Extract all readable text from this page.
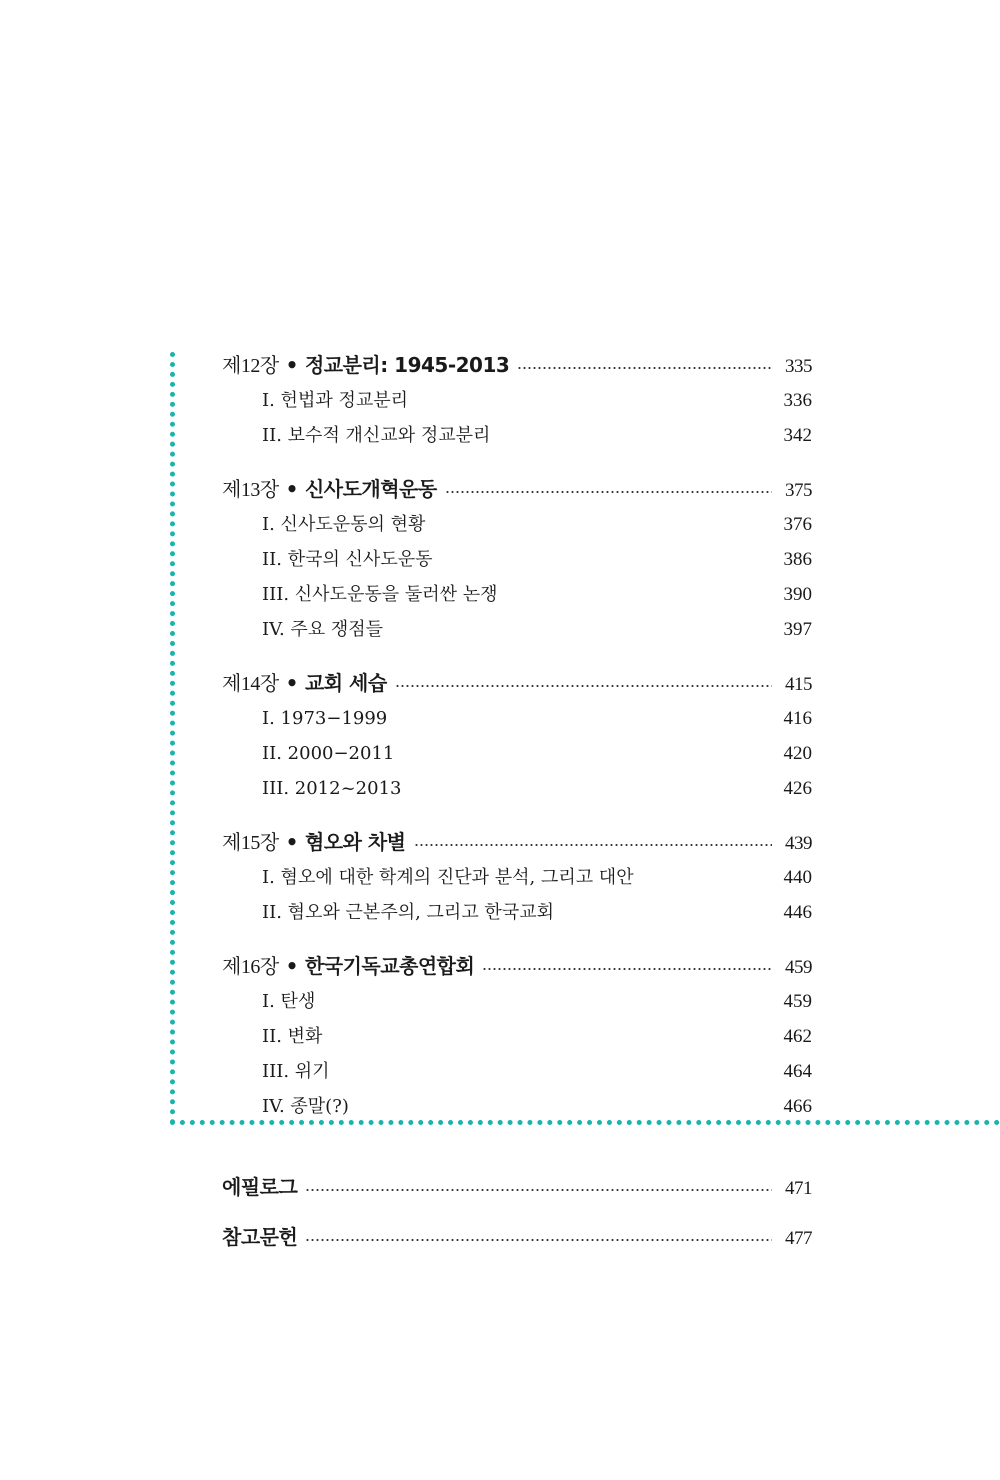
제12장 • 정교분리: 1945-2013	335
I. 헌법과 정교분리	336
II. 보수적 개신교와 정교분리	342
제13장 • 신사도개혁운동	375
I. 신사도운동의 현황	376
II. 한국의 신사도운동	386
III. 신사도운동을 둘러싼 논쟁	390
IV. 주요 쟁점들	397
제14장 • 교회 세습	415
I. 1973−1999	416
II. 2000−2011	420
III. 2012~2013	426
제15장 • 혐오와 차별	439
I. 혐오에 대한 학계의 진단과 분석, 그리고 대안	440
II. 혐오와 근본주의, 그리고 한국교회	446
제16장 • 한국기독교총연합회	459
I. 탄생	459
II. 변화	462
III. 위기	464
IV. 종말(?)	466
에필로그	471
참고문헌	477
